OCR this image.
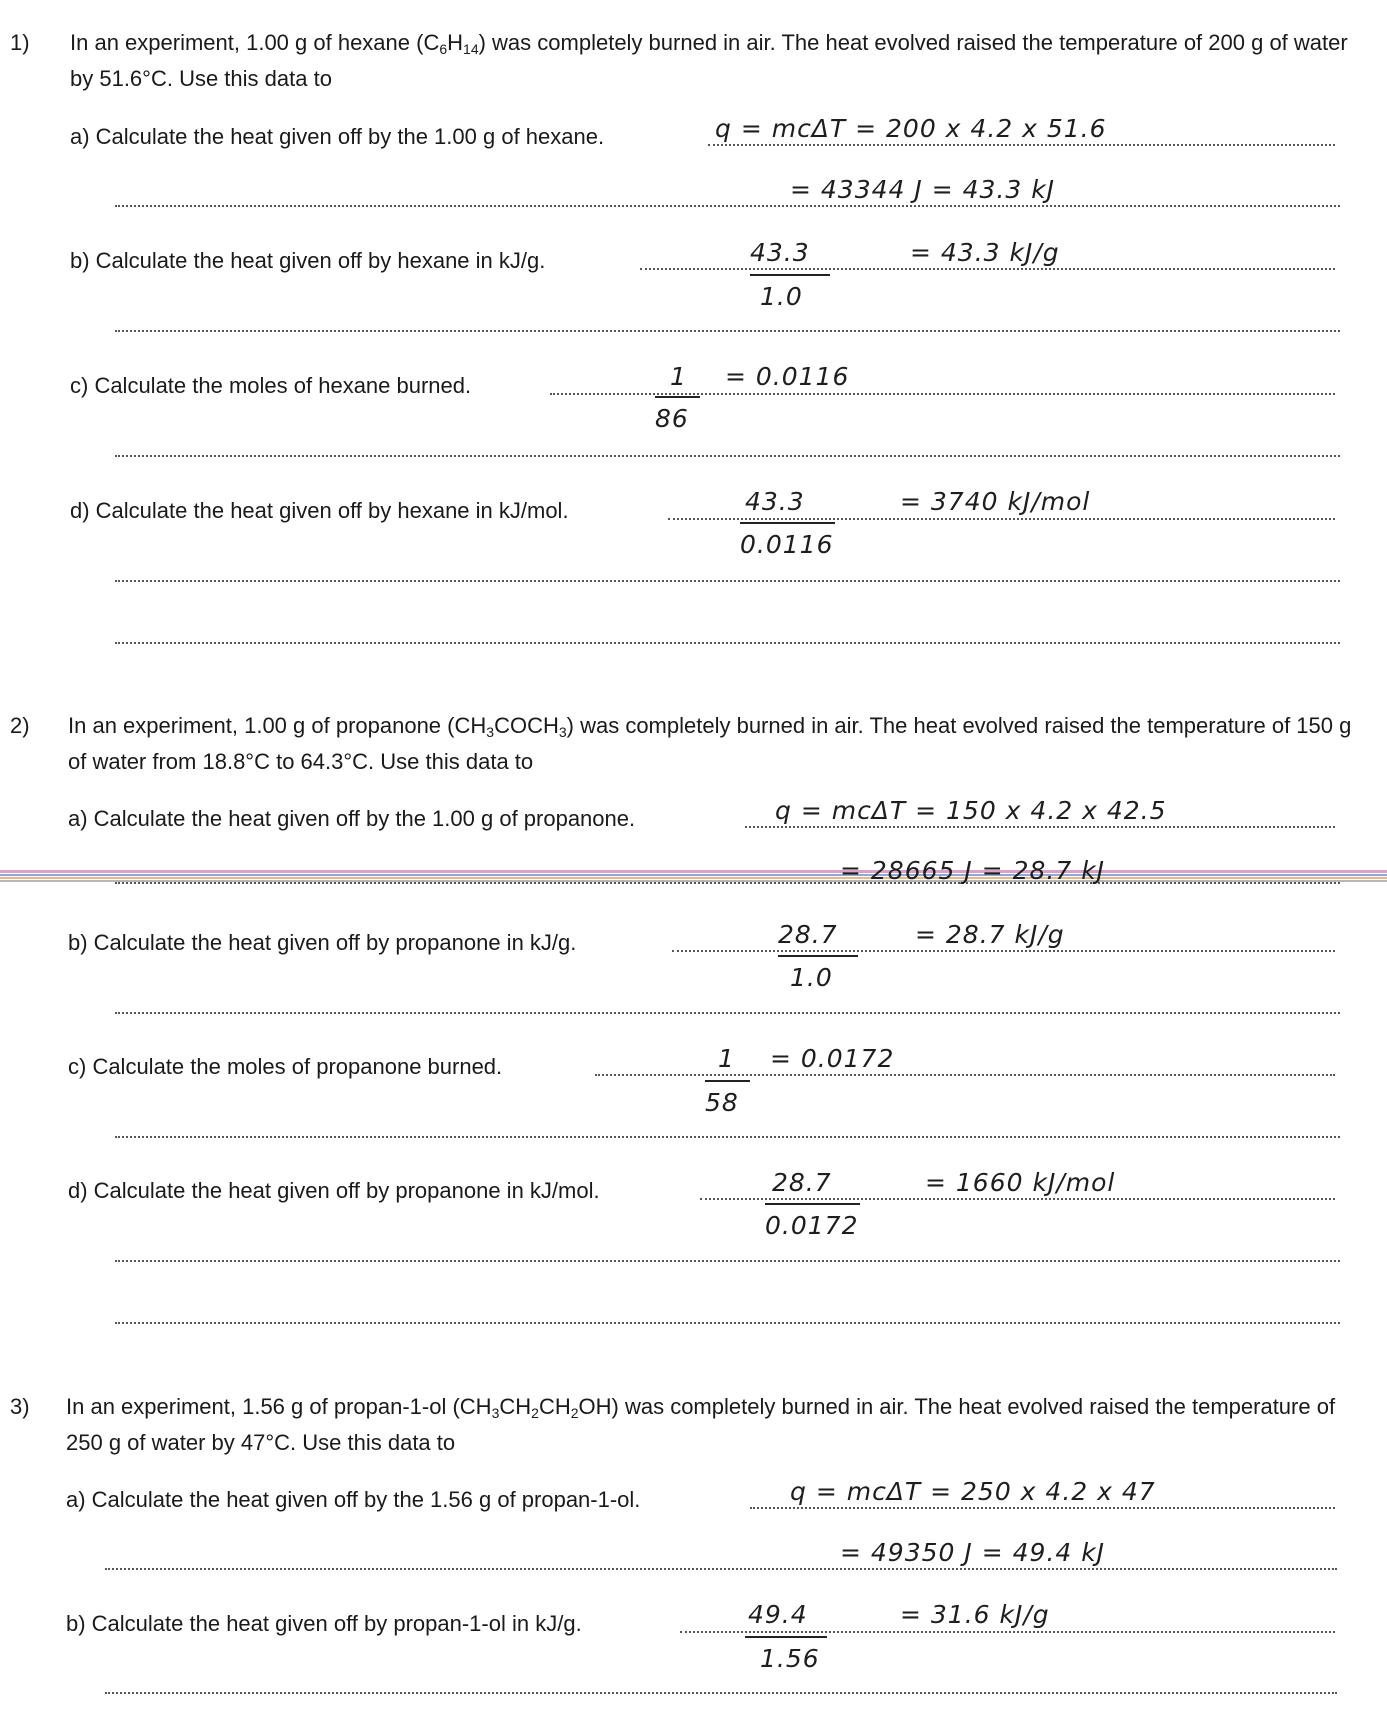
1) In an experiment, 1.00 g of hexane $(C_6H_{14})$ was completely burned in air. The heat evolved raised the temperature of 200 g of water by 51.6°C. Use this data to
a) Calculate the heat given off by the 1.00 g of hexane.	q = mcΔT = 200 x 4.2 x 51.6
= 43344 J = 43.3 kJ
b) Calculate the heat given off by hexane in kJ/g.	43.3
1.0
= 43.3 kJ/g
c) Calculate the moles of hexane burned.	1
86
= 0.0116
d) Calculate the heat given off by hexane in kJ/mol.	43.3
0.0116
= 3740 kJ/mol
2) In an experiment, 1.00 g of propanone $(CH_3COCH_3)$ was completely burned in air. The heat evolved raised the temperature of 150 g of water from 18.8°C to 64.3°C. Use this data to
a) Calculate the heat given off by the 1.00 g of propanone.	q = mcΔT = 150 x 4.2 x 42.5
= 28665 J = 28.7 kJ
b) Calculate the heat given off by propanone in kJ/g.	28.7
1.0
= 28.7 kJ/g
c) Calculate the moles of propanone burned.	1
58
= 0.0172
d) Calculate the heat given off by propanone in kJ/mol.	28.7
0.0172
= 1660 kJ/mol
3) In an experiment, 1.56 g of propan-1-ol $(CH_3CH_2CH_2OH)$ was completely burned in air. The heat evolved raised the temperature of 250 g of water by 47°C. Use this data to
a) Calculate the heat given off by the 1.56 g of propan-1-ol.	q = mcΔT = 250 x 4.2 x 47
= 49350 J = 49.4 kJ
b) Calculate the heat given off by propan-1-ol in kJ/g.	49.4
1.56
= 31.6 kJ/g
